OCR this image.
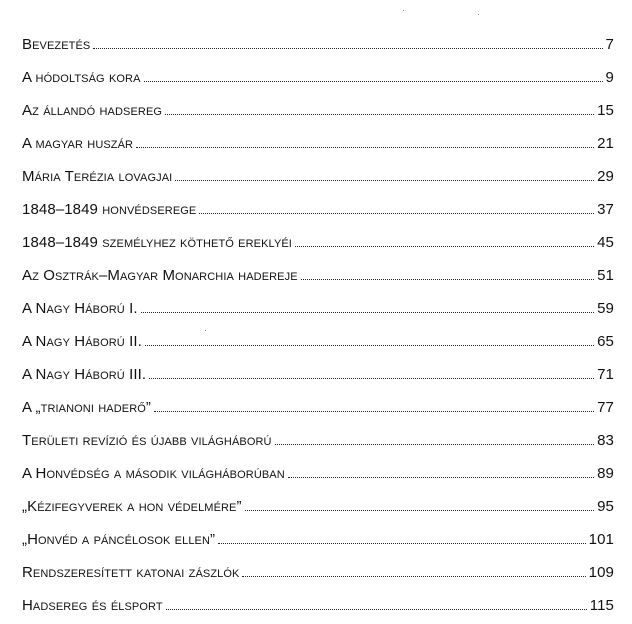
Bevezetés	7
A hódoltság kora	9
Az állandó hadsereg	15
A magyar huszár	21
Mária Terézia lovagjai	29
1848–1849 honvédserege	37
1848–1849 személyhez köthető ereklyéi	45
Az Osztrák–Magyar Monarchia hadereje	51
A Nagy Háború I.	59
A Nagy Háború II.	65
A Nagy Háború III.	71
A „trianoni haderő”	77
Területi revízió és újabb világháború	83
A Honvédség a második világháborúban	89
„Kézifegyverek a hon védelmére”	95
„Honvéd a páncélosok ellen”	101
Rendszeresített katonai zászlók	109
Hadsereg és élsport	115
